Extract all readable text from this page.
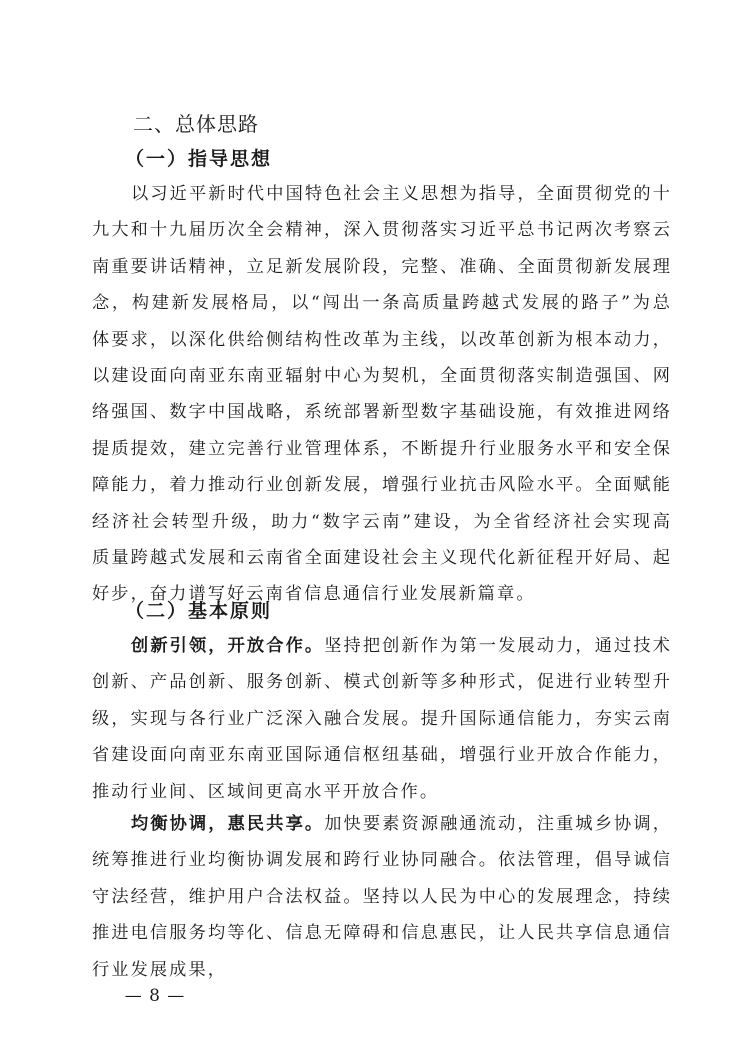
二、总体思路
（一）指导思想

以习近平新时代中国特色社会主义思想为指导，全面贯彻党的十九大和十九届历次全会精神，深入贯彻落实习近平总书记两次考察云南重要讲话精神，立足新发展阶段，完整、准确、全面贯彻新发展理念，构建新发展格局，以“闯出一条高质量跨越式发展的路子”为总体要求，以深化供给侧结构性改革为主线，以改革创新为根本动力，以建设面向南亚东南亚辐射中心为契机，全面贯彻落实制造强国、网络强国、数字中国战略，系统部署新型数字基础设施，有效推进网络提质提效，建立完善行业管理体系，不断提升行业服务水平和安全保障能力，着力推动行业创新发展，增强行业抗击风险水平。全面赋能经济社会转型升级，助力“数字云南”建设，为全省经济社会实现高质量跨越式发展和云南省全面建设社会主义现代化新征程开好局、起好步，奋力谱写好云南省信息通信行业发展新篇章。

（二）基本原则

创新引领，开放合作。坚持把创新作为第一发展动力，通过技术创新、产品创新、服务创新、模式创新等多种形式，促进行业转型升级，实现与各行业广泛深入融合发展。提升国际通信能力，夯实云南省建设面向南亚东南亚国际通信枢纽基础，增强行业开放合作能力，推动行业间、区域间更高水平开放合作。

均衡协调，惠民共享。加快要素资源融通流动，注重城乡协调，统筹推进行业均衡协调发展和跨行业协同融合。依法管理，倡导诚信守法经营，维护用户合法权益。坚持以人民为中心的发展理念，持续推进电信服务均等化、信息无障碍和信息惠民，让人民共享信息通信行业发展成果，

— 8 —
